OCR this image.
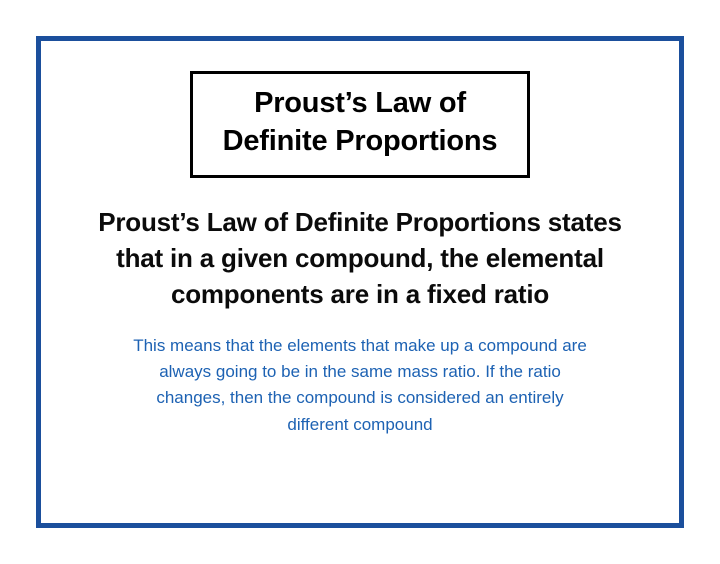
Proust’s Law of
Definite Proportions
Proust’s Law of Definite Proportions states that in a given compound, the elemental components are in a fixed ratio
This means that the elements that make up a compound are always going to be in the same mass ratio. If the ratio changes, then the compound is considered an entirely different compound
